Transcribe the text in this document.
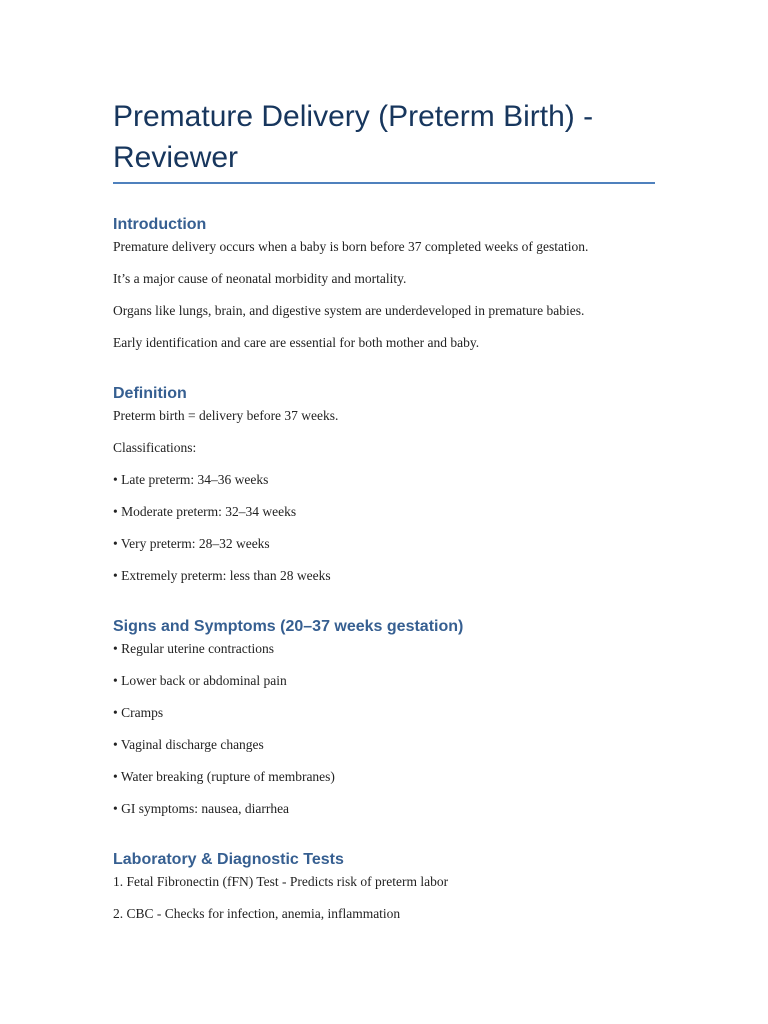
Premature Delivery (Preterm Birth) -
Reviewer
Introduction

Premature delivery occurs when a baby is born before 37 completed weeks of gestation.

It’s a major cause of neonatal morbidity and mortality.

Organs like lungs, brain, and digestive system are underdeveloped in premature babies.

Early identification and care are essential for both mother and baby.

Definition

Preterm birth = delivery before 37 weeks.

Classifications:

• Late preterm: 34–36 weeks

• Moderate preterm: 32–34 weeks

• Very preterm: 28–32 weeks

• Extremely preterm: less than 28 weeks

Signs and Symptoms (20–37 weeks gestation)

• Regular uterine contractions

• Lower back or abdominal pain

• Cramps

• Vaginal discharge changes

• Water breaking (rupture of membranes)

• GI symptoms: nausea, diarrhea

Laboratory & Diagnostic Tests

1. Fetal Fibronectin (fFN) Test - Predicts risk of preterm labor

2. CBC - Checks for infection, anemia, inflammation
